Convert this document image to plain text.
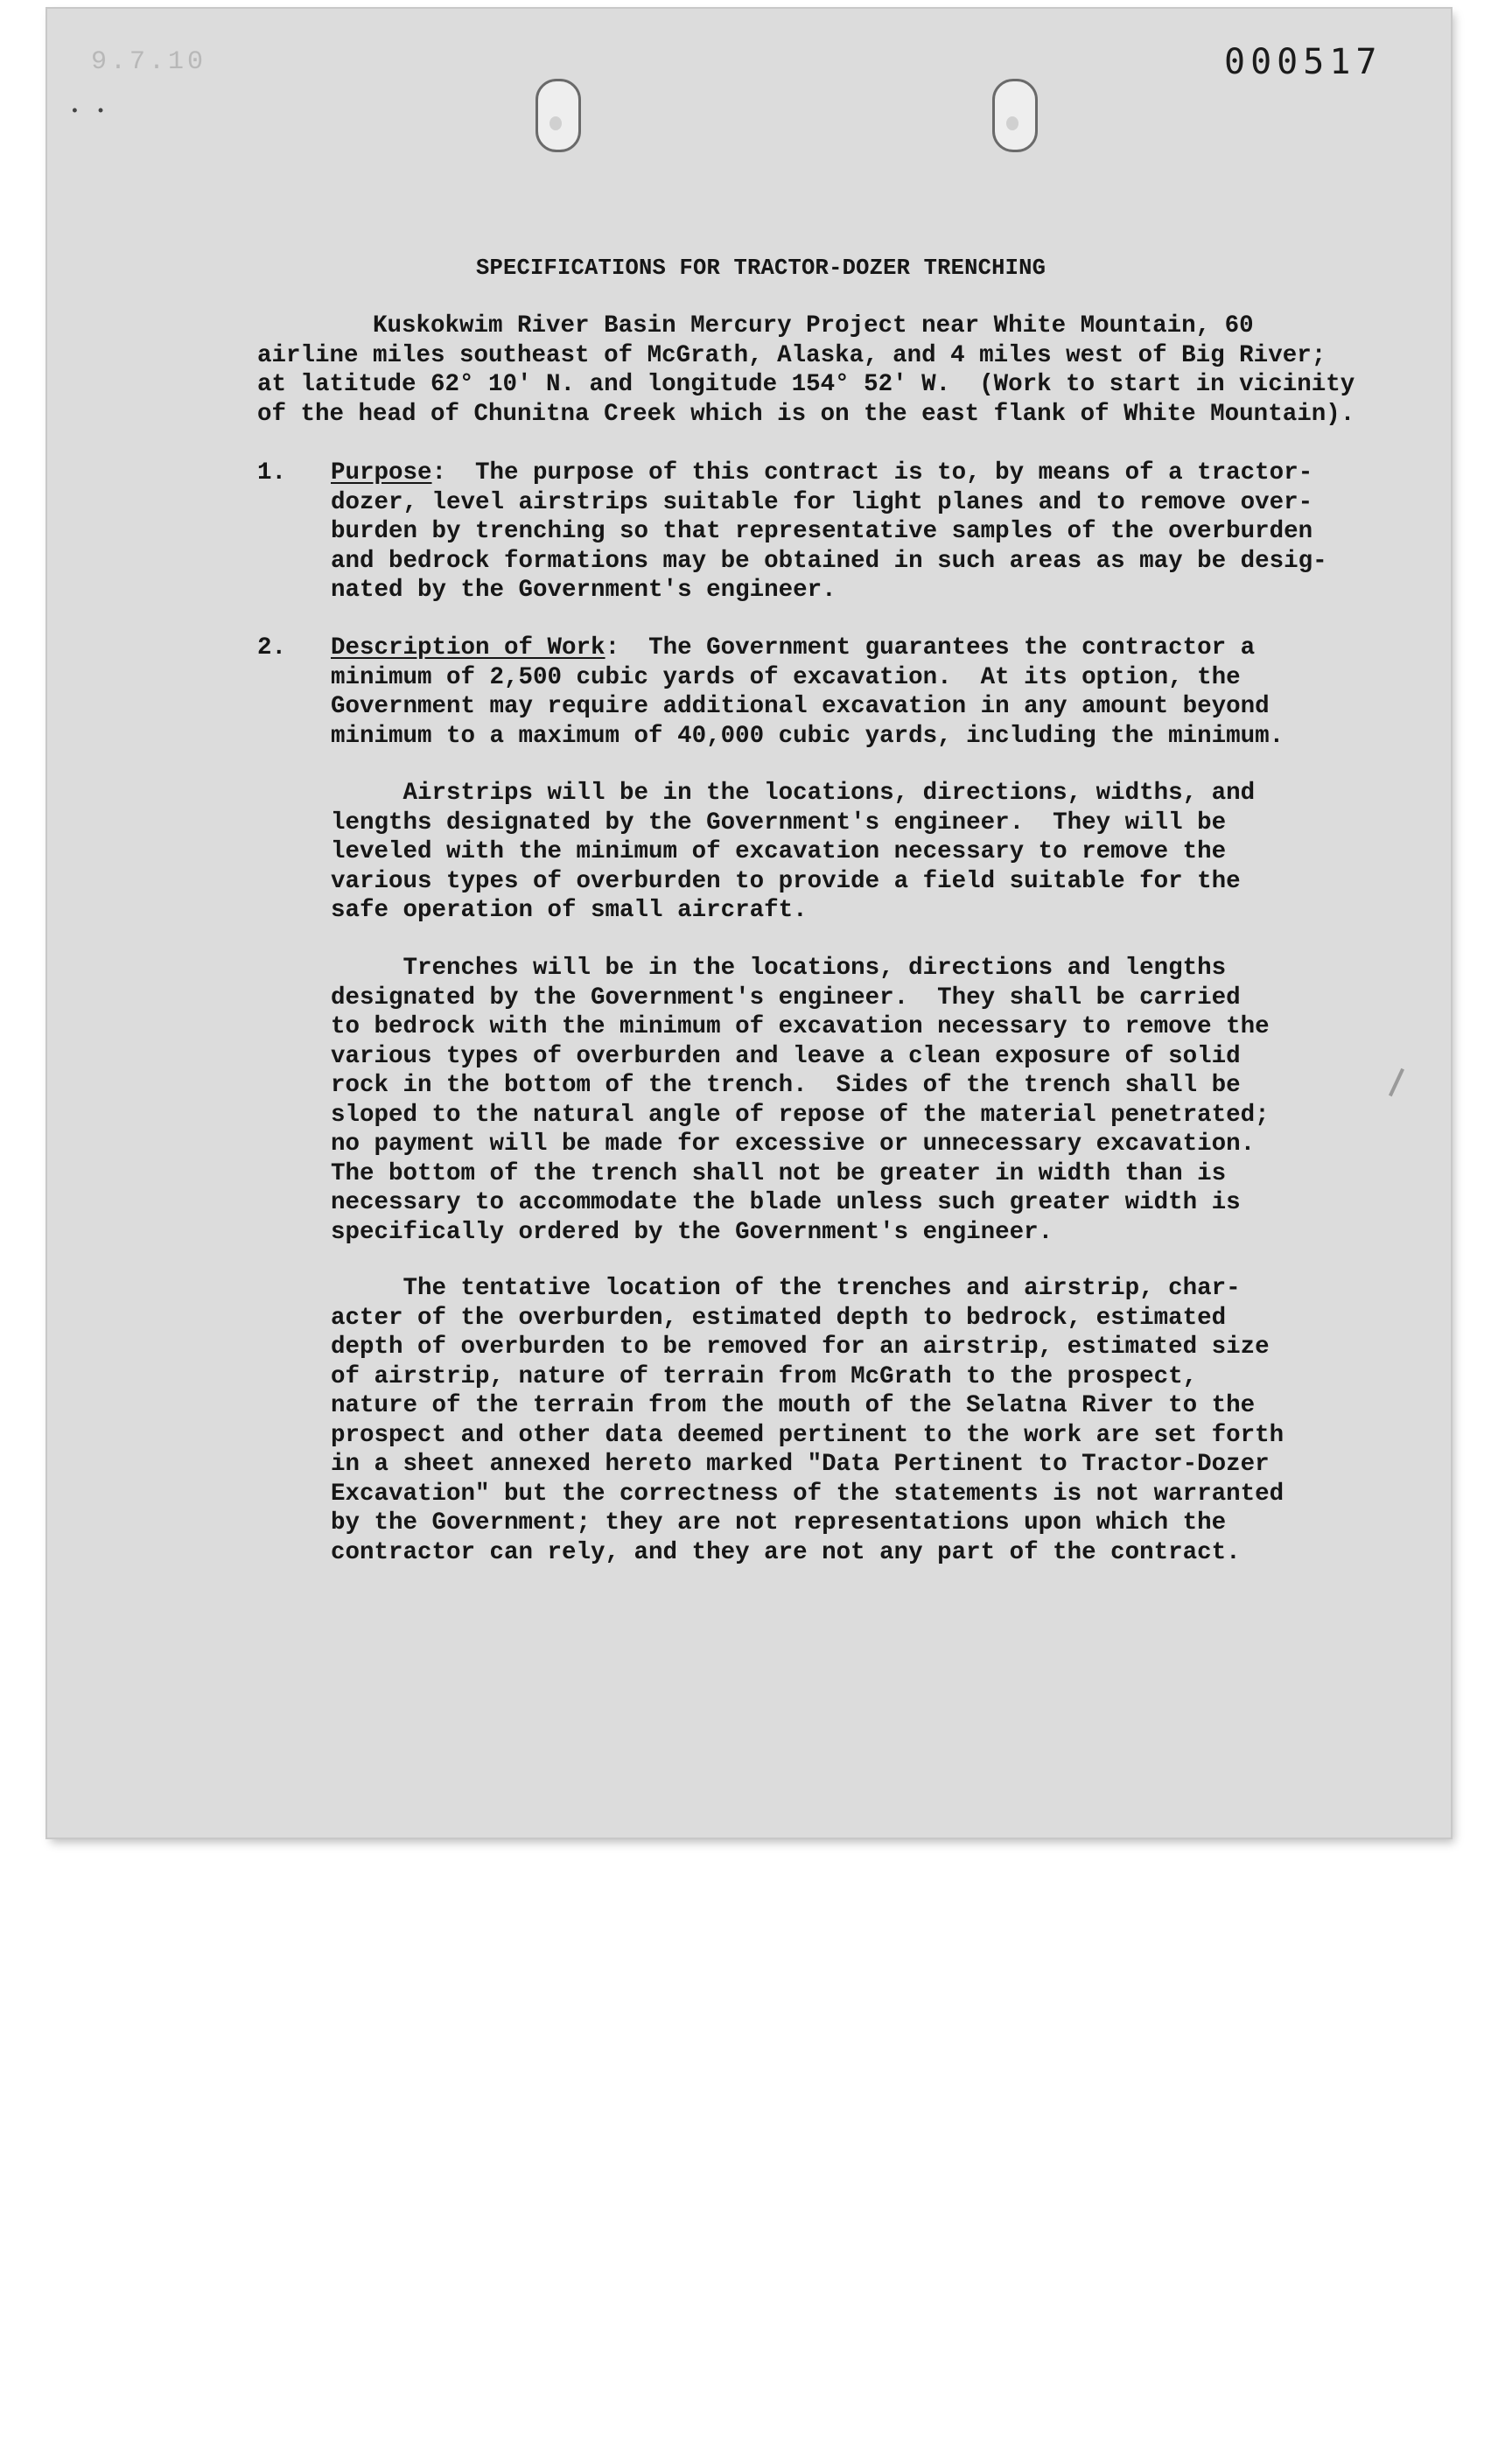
9.7.10
• •
000517
SPECIFICATIONS FOR TRACTOR-DOZER TRENCHING
Kuskokwim River Basin Mercury Project near White Mountain, 60
airline miles southeast of McGrath, Alaska, and 4 miles west of Big River;
at latitude 62° 10' N. and longitude 154° 52' W.  (Work to start in vicinity
of the head of Chunitna Creek which is on the east flank of White Mountain).
1. Purpose:  The purpose of this contract is to, by means of a tractor-
dozer, level airstrips suitable for light planes and to remove over-
burden by trenching so that representative samples of the overburden
and bedrock formations may be obtained in such areas as may be desig-
nated by the Government's engineer.
2. Description of Work:  The Government guarantees the contractor a
minimum of 2,500 cubic yards of excavation.  At its option, the
Government may require additional excavation in any amount beyond
minimum to a maximum of 40,000 cubic yards, including the minimum.
Airstrips will be in the locations, directions, widths, and
lengths designated by the Government's engineer.  They will be
leveled with the minimum of excavation necessary to remove the
various types of overburden to provide a field suitable for the
safe operation of small aircraft.
Trenches will be in the locations, directions and lengths
designated by the Government's engineer.  They shall be carried
to bedrock with the minimum of excavation necessary to remove the
various types of overburden and leave a clean exposure of solid
rock in the bottom of the trench.  Sides of the trench shall be
sloped to the natural angle of repose of the material penetrated;
no payment will be made for excessive or unnecessary excavation.
The bottom of the trench shall not be greater in width than is
necessary to accommodate the blade unless such greater width is
specifically ordered by the Government's engineer.
The tentative location of the trenches and airstrip, char-
acter of the overburden, estimated depth to bedrock, estimated
depth of overburden to be removed for an airstrip, estimated size
of airstrip, nature of terrain from McGrath to the prospect,
nature of the terrain from the mouth of the Selatna River to the
prospect and other data deemed pertinent to the work are set forth
in a sheet annexed hereto marked "Data Pertinent to Tractor-Dozer
Excavation" but the correctness of the statements is not warranted
by the Government; they are not representations upon which the
contractor can rely, and they are not any part of the contract.
